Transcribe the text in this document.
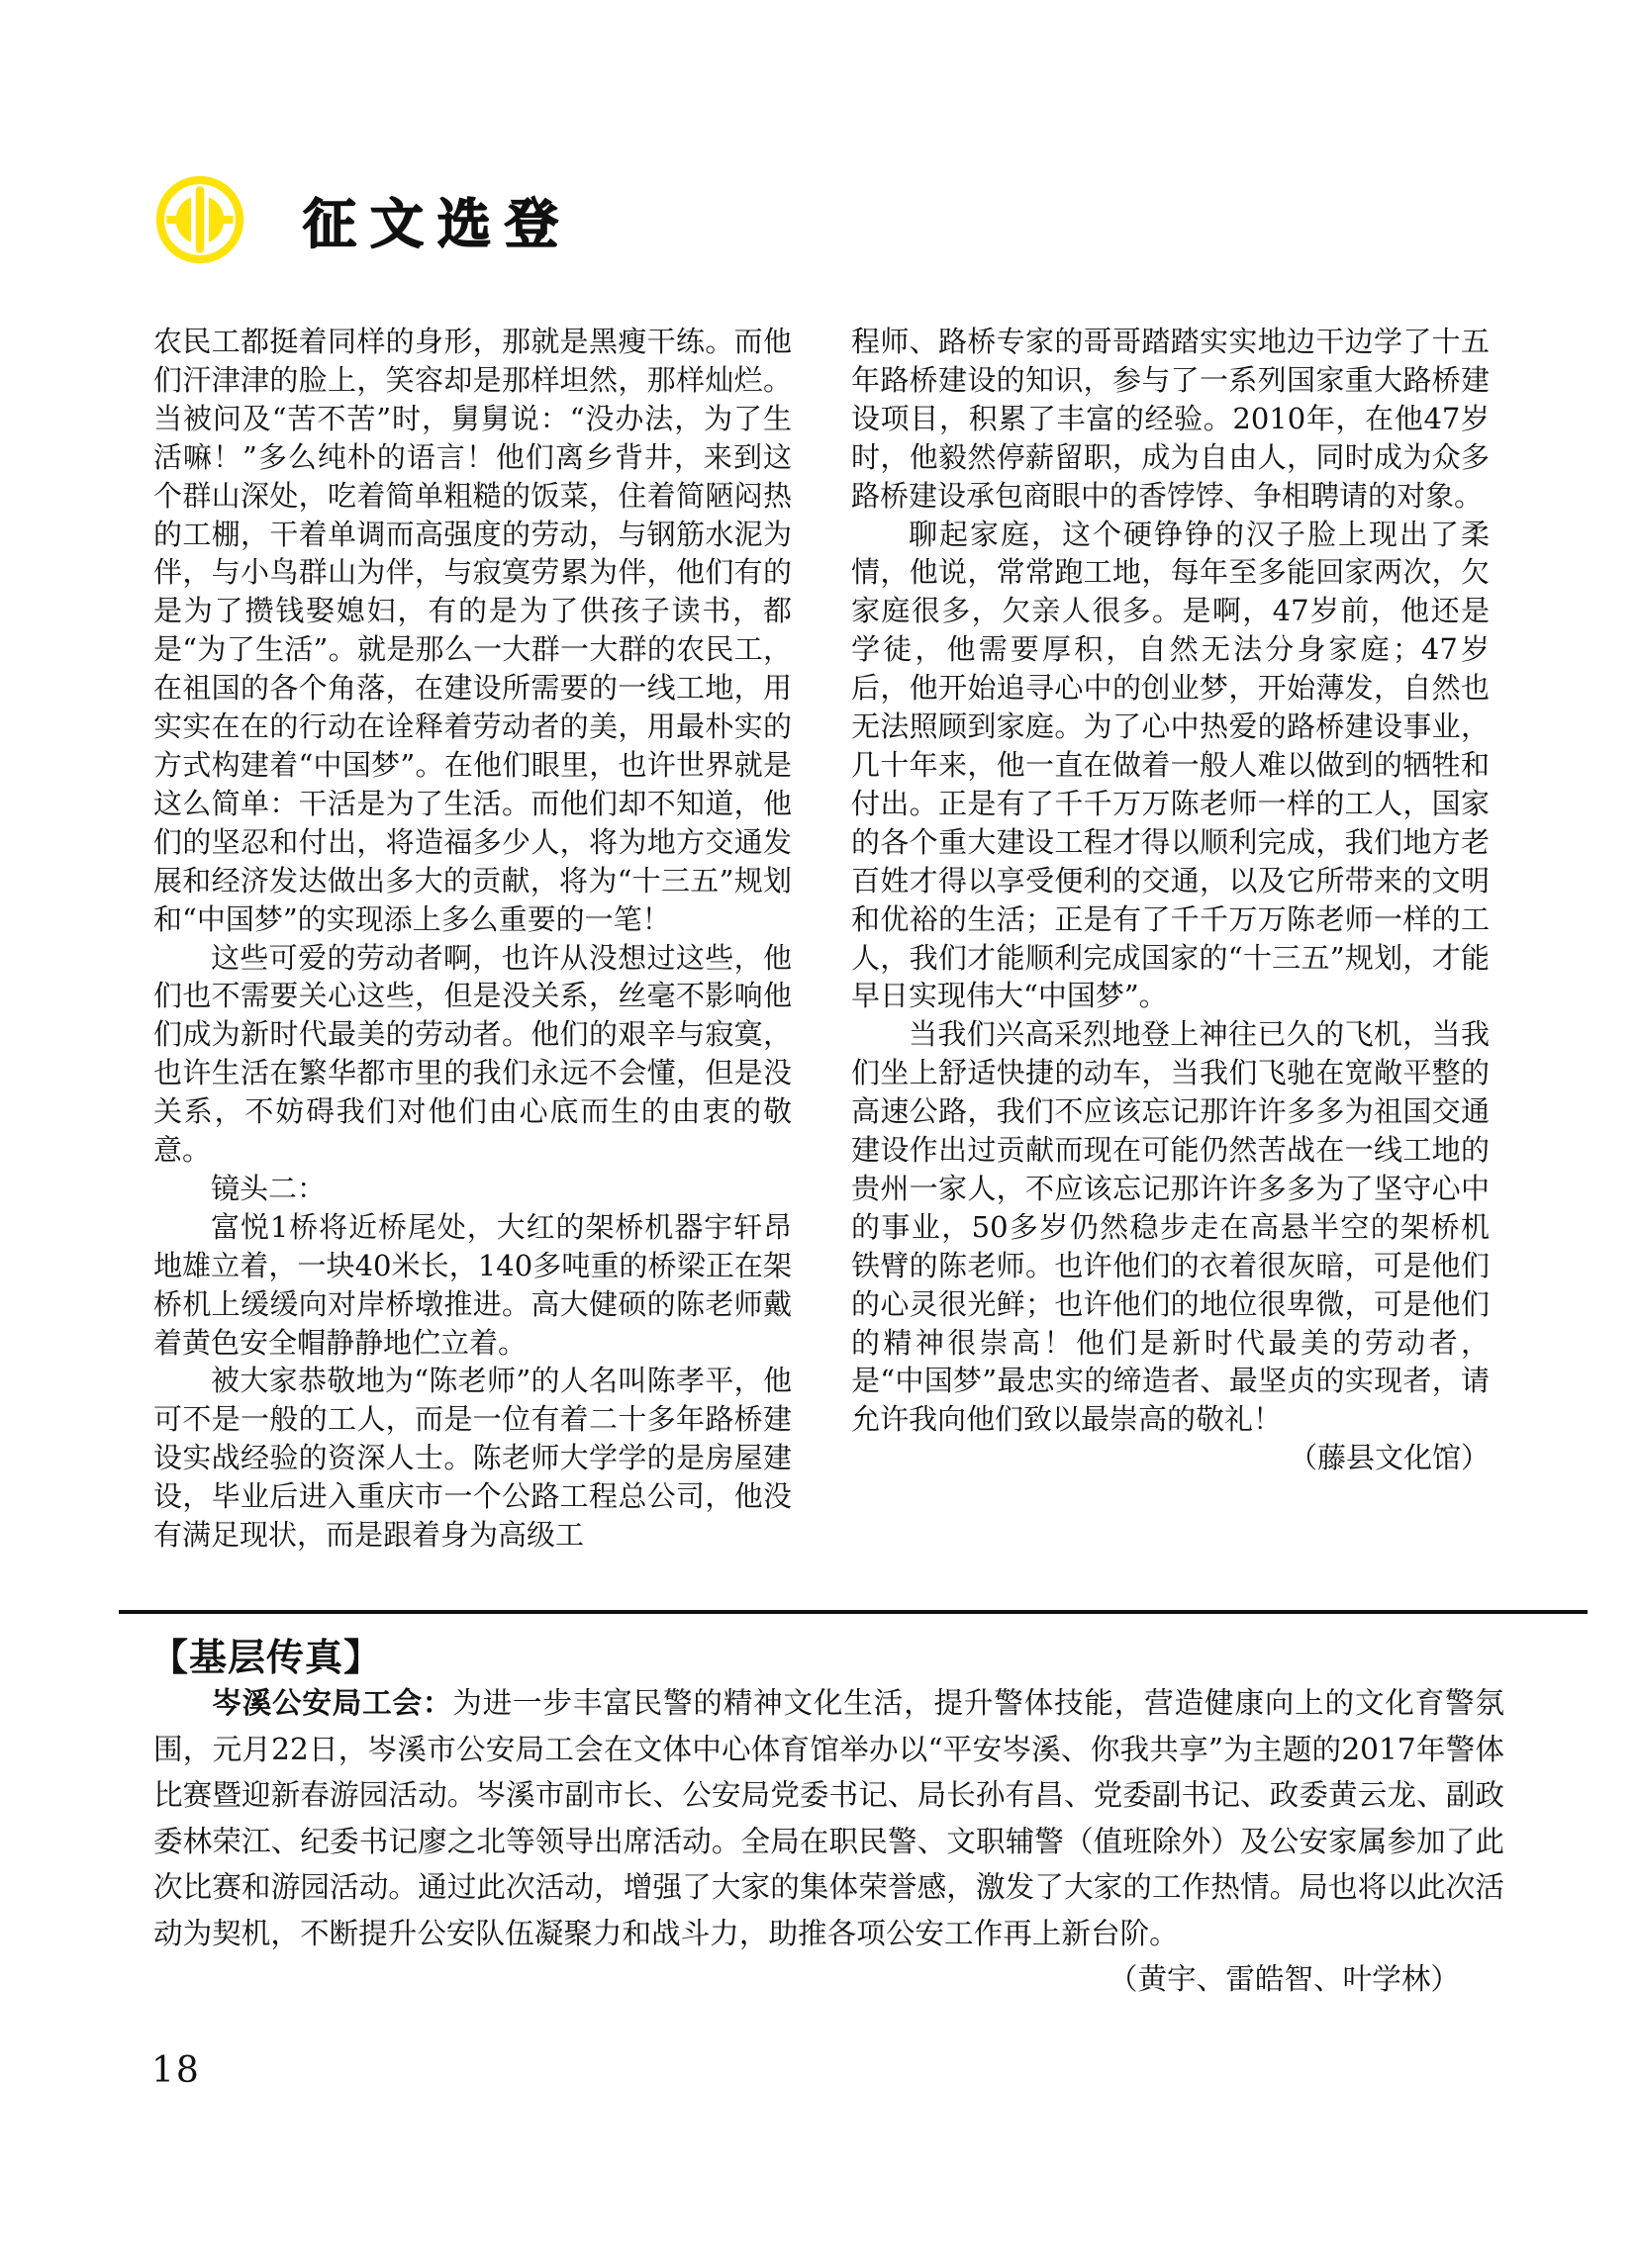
征文选登

农民工都挺着同样的身形，那就是黑瘦干练。而他们汗津津的脸上，笑容却是那样坦然，那样灿烂。当被问及“苦不苦”时，舅舅说：“没办法，为了生活嘛！”多么纯朴的语言！他们离乡背井，来到这个群山深处，吃着简单粗糙的饭菜，住着简陋闷热的工棚，干着单调而高强度的劳动，与钢筋水泥为伴，与小鸟群山为伴，与寂寞劳累为伴，他们有的是为了攒钱娶媳妇，有的是为了供孩子读书，都是“为了生活”。就是那么一大群一大群的农民工，在祖国的各个角落，在建设所需要的一线工地，用实实在在的行动在诠释着劳动者的美，用最朴实的方式构建着“中国梦”。在他们眼里，也许世界就是这么简单：干活是为了生活。而他们却不知道，他们的坚忍和付出，将造福多少人，将为地方交通发展和经济发达做出多大的贡献，将为“十三五”规划和“中国梦”的实现添上多么重要的一笔！

这些可爱的劳动者啊，也许从没想过这些，他们也不需要关心这些，但是没关系，丝毫不影响他们成为新时代最美的劳动者。他们的艰辛与寂寞，也许生活在繁华都市里的我们永远不会懂，但是没关系，不妨碍我们对他们由心底而生的由衷的敬意。

镜头二：

富悦1桥将近桥尾处，大红的架桥机器宇轩昂地雄立着，一块40米长，140多吨重的桥梁正在架桥机上缓缓向对岸桥墩推进。高大健硕的陈老师戴着黄色安全帽静静地伫立着。

被大家恭敬地为“陈老师”的人名叫陈孝平，他可不是一般的工人，而是一位有着二十多年路桥建设实战经验的资深人士。陈老师大学学的是房屋建设，毕业后进入重庆市一个公路工程总公司，他没有满足现状，而是跟着身为高级工

程师、路桥专家的哥哥踏踏实实地边干边学了十五年路桥建设的知识，参与了一系列国家重大路桥建设项目，积累了丰富的经验。2010年，在他47岁时，他毅然停薪留职，成为自由人，同时成为众多路桥建设承包商眼中的香饽饽、争相聘请的对象。

聊起家庭，这个硬铮铮的汉子脸上现出了柔情，他说，常常跑工地，每年至多能回家两次，欠家庭很多，欠亲人很多。是啊，47岁前，他还是学徒，他需要厚积，自然无法分身家庭；47岁后，他开始追寻心中的创业梦，开始薄发，自然也无法照顾到家庭。为了心中热爱的路桥建设事业，几十年来，他一直在做着一般人难以做到的牺牲和付出。正是有了千千万万陈老师一样的工人，国家的各个重大建设工程才得以顺利完成，我们地方老百姓才得以享受便利的交通，以及它所带来的文明和优裕的生活；正是有了千千万万陈老师一样的工人，我们才能顺利完成国家的“十三五”规划，才能早日实现伟大“中国梦”。

当我们兴高采烈地登上神往已久的飞机，当我们坐上舒适快捷的动车，当我们飞驰在宽敞平整的高速公路，我们不应该忘记那许许多多为祖国交通建设作出过贡献而现在可能仍然苦战在一线工地的贵州一家人，不应该忘记那许许多多为了坚守心中的事业，50多岁仍然稳步走在高悬半空的架桥机铁臂的陈老师。也许他们的衣着很灰暗，可是他们的心灵很光鲜；也许他们的地位很卑微，可是他们的精神很崇高！他们是新时代最美的劳动者，是“中国梦”最忠实的缔造者、最坚贞的实现者，请允许我向他们致以最崇高的敬礼！
（藤县文化馆）

【基层传真】

岑溪公安局工会：为进一步丰富民警的精神文化生活，提升警体技能，营造健康向上的文化育警氛围，元月22日，岑溪市公安局工会在文体中心体育馆举办以“平安岑溪、你我共享”为主题的2017年警体比赛暨迎新春游园活动。岑溪市副市长、公安局党委书记、局长孙有昌、党委副书记、政委黄云龙、副政委林荣江、纪委书记廖之北等领导出席活动。全局在职民警、文职辅警（值班除外）及公安家属参加了此次比赛和游园活动。通过此次活动，增强了大家的集体荣誉感，激发了大家的工作热情。局也将以此次活动为契机，不断提升公安队伍凝聚力和战斗力，助推各项公安工作再上新台阶。

（黄宇、雷皓智、叶学林）
18
